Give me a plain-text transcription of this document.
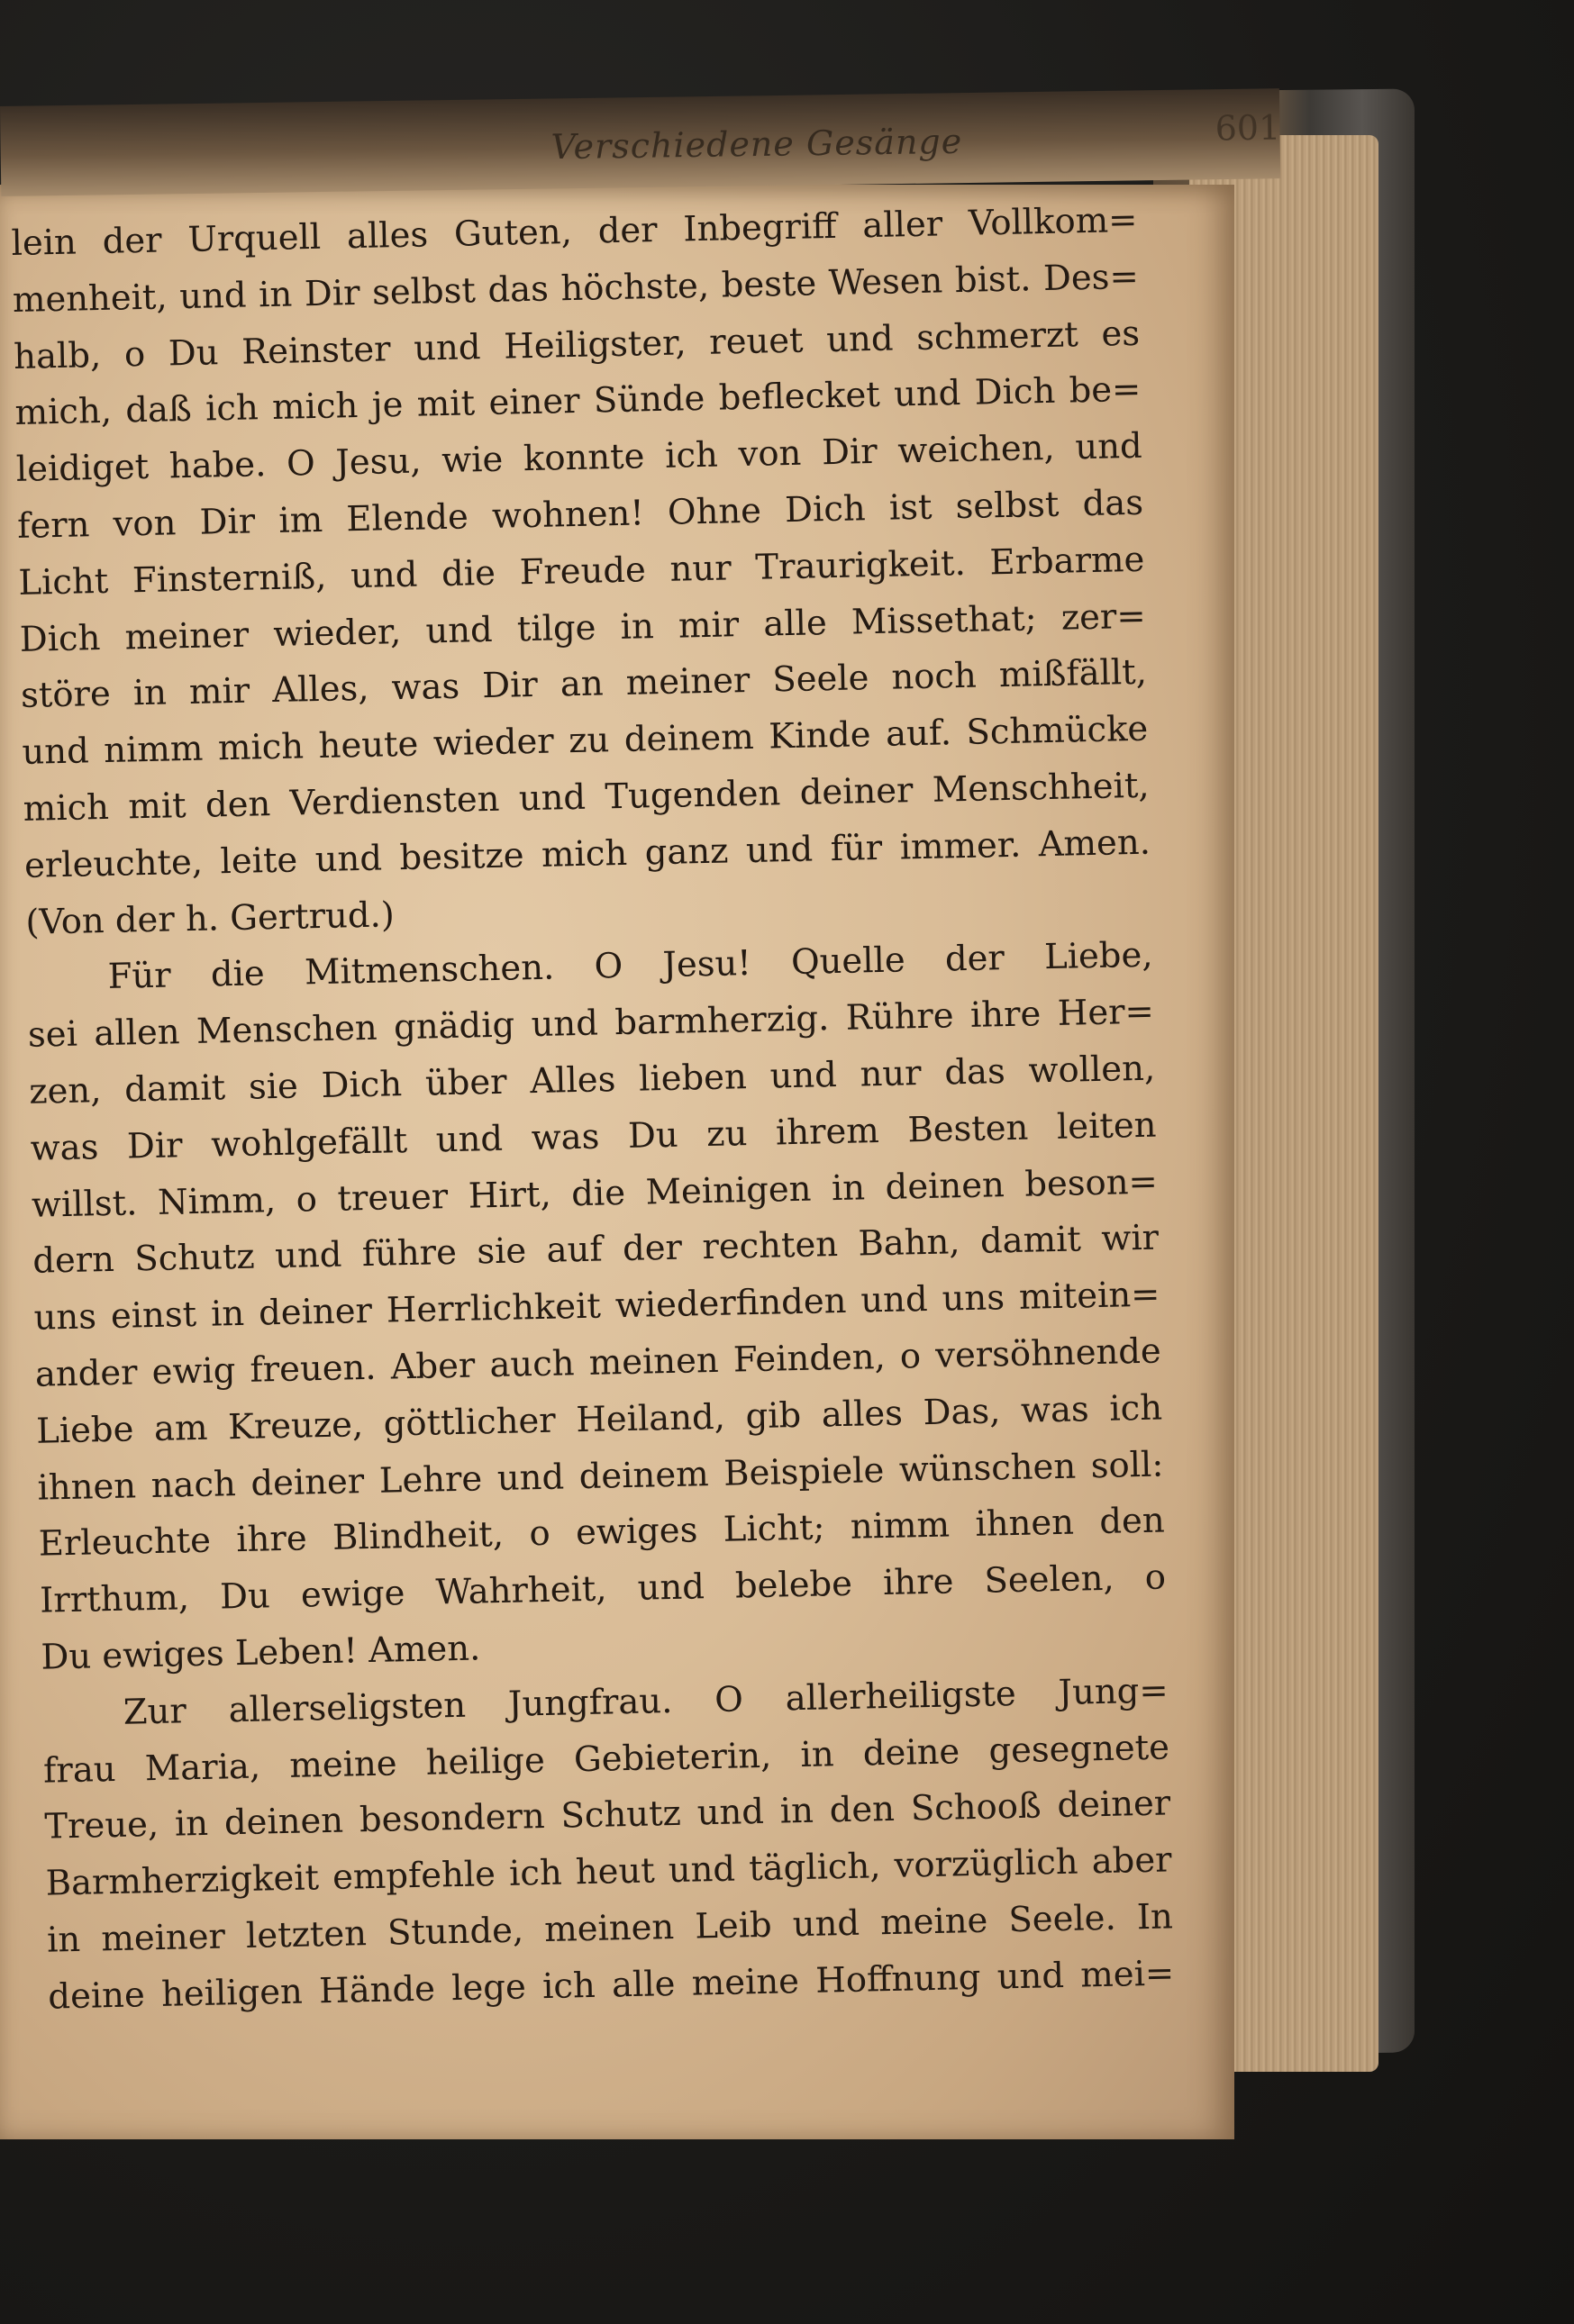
Verschiedene Gesänge	601
lein der Urquell alles Guten, der Inbegriff aller Vollkom=
menheit, und in Dir selbst das höchste, beste Wesen bist. Des=
halb, o Du Reinster und Heiligster, reuet und schmerzt es
mich, daß ich mich je mit einer Sünde beflecket und Dich be=
leidiget habe. O Jesu, wie konnte ich von Dir weichen, und
fern von Dir im Elende wohnen! Ohne Dich ist selbst das
Licht Finsterniß, und die Freude nur Traurigkeit. Erbarme
Dich meiner wieder, und tilge in mir alle Missethat; zer=
störe in mir Alles, was Dir an meiner Seele noch mißfällt,
und nimm mich heute wieder zu deinem Kinde auf. Schmücke
mich mit den Verdiensten und Tugenden deiner Menschheit,
erleuchte, leite und besitze mich ganz und für immer. Amen.
(Von der h. Gertrud.)
Für die Mitmenschen. O Jesu! Quelle der Liebe,
sei allen Menschen gnädig und barmherzig. Rühre ihre Her=
zen, damit sie Dich über Alles lieben und nur das wollen,
was Dir wohlgefällt und was Du zu ihrem Besten leiten
willst. Nimm, o treuer Hirt, die Meinigen in deinen beson=
dern Schutz und führe sie auf der rechten Bahn, damit wir
uns einst in deiner Herrlichkeit wiederfinden und uns mitein=
ander ewig freuen. Aber auch meinen Feinden, o versöhnende
Liebe am Kreuze, göttlicher Heiland, gib alles Das, was ich
ihnen nach deiner Lehre und deinem Beispiele wünschen soll:
Erleuchte ihre Blindheit, o ewiges Licht; nimm ihnen den
Irrthum, Du ewige Wahrheit, und belebe ihre Seelen, o
Du ewiges Leben! Amen.
Zur allerseligsten Jungfrau. O allerheiligste Jung=
frau Maria, meine heilige Gebieterin, in deine gesegnete
Treue, in deinen besondern Schutz und in den Schooß deiner
Barmherzigkeit empfehle ich heut und täglich, vorzüglich aber
in meiner letzten Stunde, meinen Leib und meine Seele. In
deine heiligen Hände lege ich alle meine Hoffnung und mei=
